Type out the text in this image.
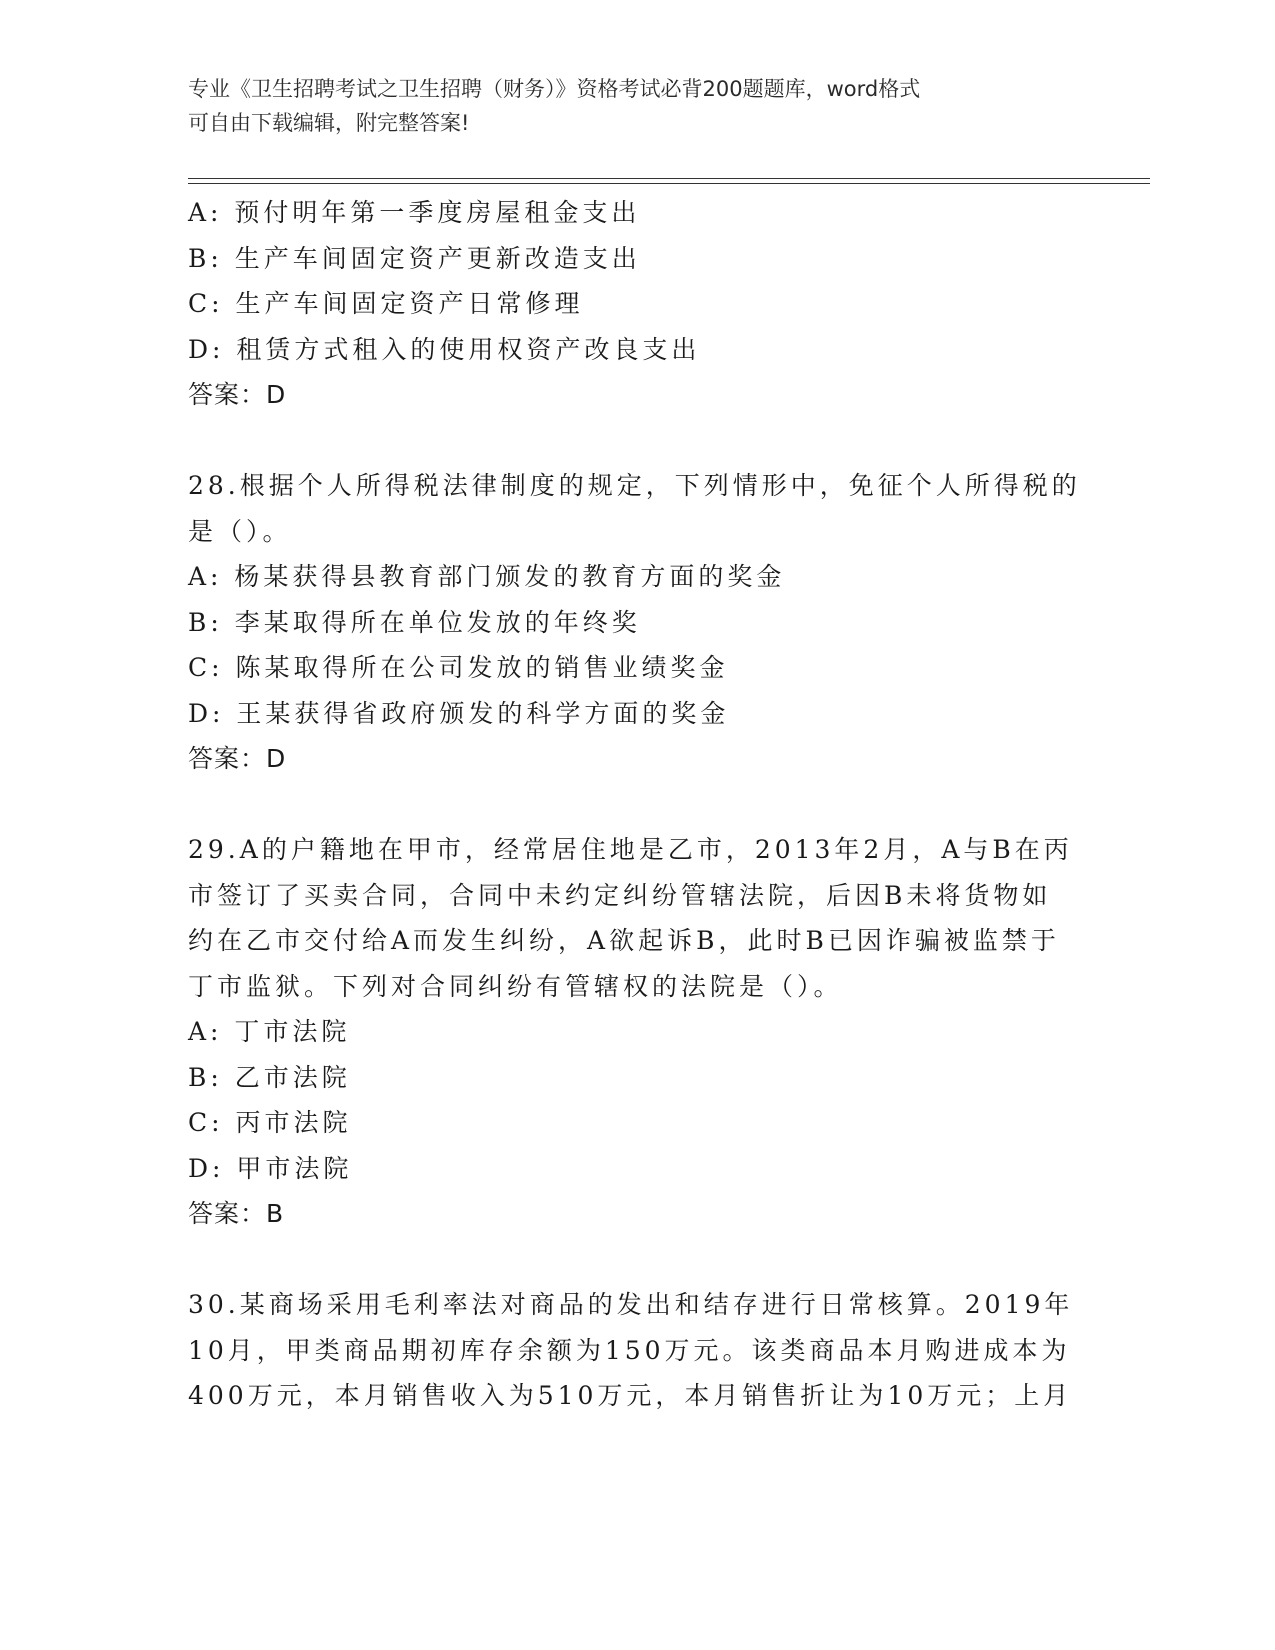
专业《卫生招聘考试之卫生招聘（财务）》资格考试必背200题题库，word格式
可自由下载编辑，附完整答案!
A: 预付明年第一季度房屋租金支出
B: 生产车间固定资产更新改造支出
C: 生产车间固定资产日常修理
D: 租赁方式租入的使用权资产改良支出
答案：D
28.根据个人所得税法律制度的规定，下列情形中，免征个人所得税的
是（）。
A: 杨某获得县教育部门颁发的教育方面的奖金
B: 李某取得所在单位发放的年终奖
C: 陈某取得所在公司发放的销售业绩奖金
D: 王某获得省政府颁发的科学方面的奖金
答案：D
29.A的户籍地在甲市，经常居住地是乙市，2013年2月，A与B在丙
市签订了买卖合同，合同中未约定纠纷管辖法院，后因B未将货物如
约在乙市交付给A而发生纠纷，A欲起诉B，此时B已因诈骗被监禁于
丁市监狱。下列对合同纠纷有管辖权的法院是（）。
A: 丁市法院
B: 乙市法院
C: 丙市法院
D: 甲市法院
答案：B
30.某商场采用毛利率法对商品的发出和结存进行日常核算。2019年
10月，甲类商品期初库存余额为150万元。该类商品本月购进成本为
400万元，本月销售收入为510万元，本月销售折让为10万元；上月
